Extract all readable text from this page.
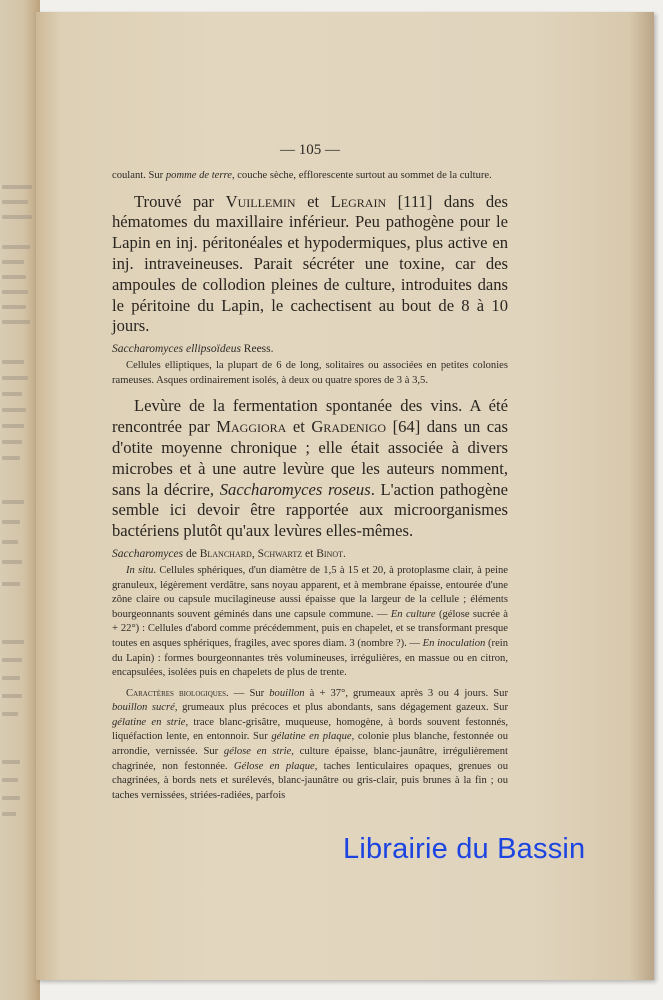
— 105 —

coulant. Sur pomme de terre, couche sèche, efflorescente surtout au sommet de la culture.

Trouvé par Vuillemin et Legrain [111] dans des hématomes du maxillaire inférieur. Peu pathogène pour le Lapin en inj. péritonéales et hypodermiques, plus active en inj. intraveineuses. Parait sécréter une toxine, car des ampoules de collodion pleines de culture, introduites dans le péritoine du Lapin, le cachectisent au bout de 8 à 10 jours.

Saccharomyces ellipsoïdeus Reess.

Cellules elliptiques, la plupart de 6 de long, solitaires ou associées en petites colonies rameuses. Asques ordinairement isolés, à deux ou quatre spores de 3 à 3,5.

Levùre de la fermentation spontanée des vins. A été rencontrée par Maggiora et Gradenigo [64] dans un cas d'otite moyenne chronique ; elle était associée à divers microbes et à une autre levùre que les auteurs nomment, sans la décrire, Saccharomyces roseus. L'action pathogène semble ici devoir être rapportée aux microorganismes bactériens plutôt qu'aux levùres elles-mêmes.

Saccharomyces de Blanchard, Schwartz et Binot.

In situ. Cellules sphériques, d'un diamètre de 1,5 à 15 et 20, à protoplasme clair, à peine granuleux, légèrement verdâtre, sans noyau apparent, et à membrane épaisse, entourée d'une zône claire ou capsule mucilagineuse aussi épaisse que la largeur de la cellule ; éléments bourgeonnants souvent géminés dans une capsule commune. — En culture (gélose sucrée à + 22°) : Cellules d'abord comme précédemment, puis en chapelet, et se transformant presque toutes en asques sphériques, fragiles, avec spores diam. 3 (nombre ?). — En inoculation (rein du Lapin) : formes bourgeonnantes très volumineuses, irrégulières, en massue ou en citron, encapsulées, isolées puis en chapelets de plus de trente.

Caractères biologiques. — Sur bouillon à + 37°, grumeaux après 3 ou 4 jours. Sur bouillon sucré, grumeaux plus précoces et plus abondants, sans dégagement gazeux. Sur gélatine en strie, trace blanc-grisâtre, muqueuse, homogène, à bords souvent festonnés, liquéfaction lente, en entonnoir. Sur gélatine en plaque, colonie plus blanche, festonnée ou arrondie, vernissée. Sur gélose en strie, culture épaisse, blanc-jaunâtre, irrégulièrement chagrinée, non festonnée. Gélose en plaque, taches lenticulaires opaques, grenues ou chagrinées, à bords nets et surélevés, blanc-jaunâtre ou gris-clair, puis brunes à la fin ; ou taches vernissées, striées-radiées, parfois

Librairie du Bassin
